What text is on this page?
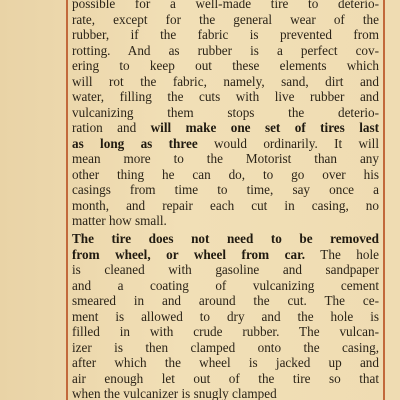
possible for a well-made tire to deterio-
rate, except for the general wear of the
rubber, if the fabric is prevented from
rotting. And as rubber is a perfect cov-
ering to keep out these elements which
will rot the fabric, namely, sand, dirt and
water, filling the cuts with live rubber and
vulcanizing them stops the deterio-
ration and will make one set of tires last
as long as three would ordinarily. It will
mean more to the Motorist than any
other thing he can do, to go over his
casings from time to time, say once a
month, and repair each cut in casing, no
matter how small.
The tire does not need to be removed
from wheel, or wheel from car. The hole
is cleaned with gasoline and sandpaper
and a coating of vulcanizing cement
smeared in and around the cut. The ce-
ment is allowed to dry and the hole is
filled in with crude rubber. The vulcan-
izer is then clamped onto the casing,
after which the wheel is jacked up and
air enough let out of the tire so that
when the vulcanizer is snugly clamped
